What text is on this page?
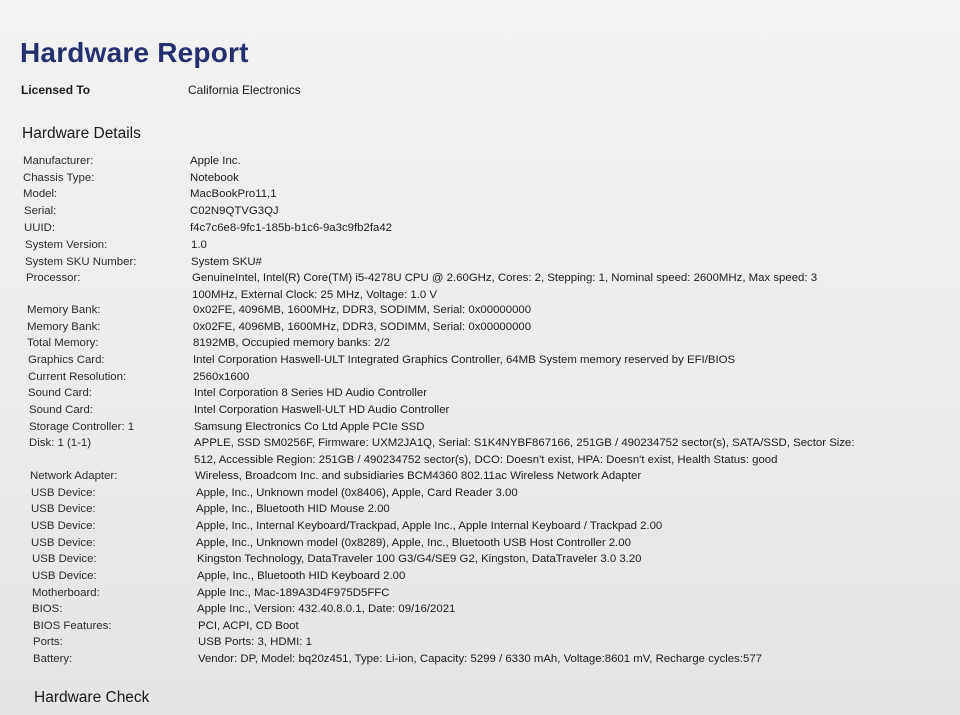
Hardware Report
Licensed To	California Electronics
Hardware Details
Manufacturer:	Apple Inc.
Chassis Type:	Notebook
Model:	MacBookPro11,1
Serial:	C02N9QTVG3QJ
UUID:	f4c7c6e8-9fc1-185b-b1c6-9a3c9fb2fa42
System Version:	1.0
System SKU Number:	System SKU#
Processor:	GenuineIntel, Intel(R) Core(TM) i5-4278U CPU @ 2.60GHz, Cores: 2, Stepping: 1, Nominal speed: 2600MHz, Max speed: 3 100MHz, External Clock: 25 MHz, Voltage: 1.0 V
Memory Bank:	0x02FE, 4096MB, 1600MHz, DDR3, SODIMM, Serial: 0x00000000
Memory Bank:	0x02FE, 4096MB, 1600MHz, DDR3, SODIMM, Serial: 0x00000000
Total Memory:	8192MB, Occupied memory banks: 2/2
Graphics Card:	Intel Corporation Haswell-ULT Integrated Graphics Controller, 64MB System memory reserved by EFI/BIOS
Current Resolution:	2560x1600
Sound Card:	Intel Corporation 8 Series HD Audio Controller
Sound Card:	Intel Corporation Haswell-ULT HD Audio Controller
Storage Controller: 1	Samsung Electronics Co Ltd Apple PCIe SSD
Disk: 1 (1-1)	APPLE, SSD SM0256F, Firmware: UXM2JA1Q, Serial: S1K4NYBF867166, 251GB / 490234752 sector(s), SATA/SSD, Sector Size: 512, Accessible Region: 251GB / 490234752 sector(s), DCO: Doesn't exist, HPA: Doesn't exist, Health Status: good
Network Adapter:	Wireless, Broadcom Inc. and subsidiaries BCM4360 802.11ac Wireless Network Adapter
USB Device:	Apple, Inc., Unknown model (0x8406), Apple, Card Reader 3.00
USB Device:	Apple, Inc., Bluetooth HID Mouse 2.00
USB Device:	Apple, Inc., Internal Keyboard/Trackpad, Apple Inc., Apple Internal Keyboard / Trackpad 2.00
USB Device:	Apple, Inc., Unknown model (0x8289), Apple, Inc., Bluetooth USB Host Controller 2.00
USB Device:	Kingston Technology, DataTraveler 100 G3/G4/SE9 G2, Kingston, DataTraveler 3.0 3.20
USB Device:	Apple, Inc., Bluetooth HID Keyboard 2.00
Motherboard:	Apple Inc., Mac-189A3D4F975D5FFC
BIOS:	Apple Inc., Version: 432.40.8.0.1, Date: 09/16/2021
BIOS Features:	PCI, ACPI, CD Boot
Ports:	USB Ports: 3, HDMI: 1
Battery:	Vendor: DP, Model: bq20z451, Type: Li-ion, Capacity: 5299 / 6330 mAh, Voltage:8601 mV, Recharge cycles:577
Hardware Check
